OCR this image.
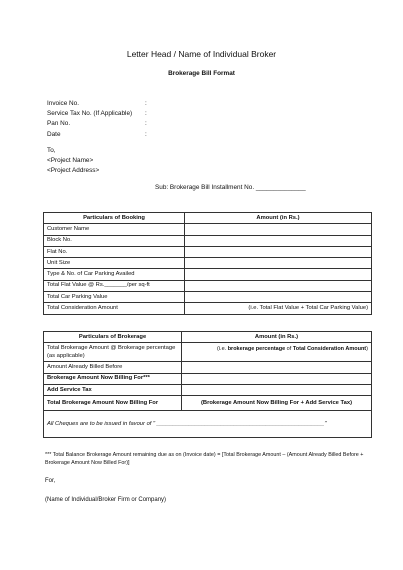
Letter Head / Name of Individual Broker
Brokerage Bill Format
Invoice No.	:
Service Tax No. (If Applicable)	:
Pan No.	:
Date	:
To,
<Project Name>
<Project Address>
Sub: Brokerage Bill Installment No. ______________
Particulars of Booking	Amount (in Rs.)
Customer Name	
Block No.	
Flat No.	
Unit Size	
Type & No. of Car Parking Availed	
Total Flat Value @ Rs._______/per sq-ft	
Total Car Parking Value	
Total Consideration Amount	(i.e. Total Flat Value + Total Car Parking Value)
Particulars of Brokerage	Amount (in Rs.)
Total Brokerage Amount @ Brokerage percentage (as applicable)	(i.e. brokerage percentage of Total Consideration Amount)
Amount Already Billed Before	
Brokerage Amount Now Billing For***	
Add Service Tax	
Total Brokerage Amount Now Billing For	(Brokerage Amount Now Billing For + Add Service Tax)
All Cheques are to be issued in favour of " ____________________________________________________"	
*** Total Balance Brokerage Amount remaining due as on (Invoice date) = [Total Brokerage Amount – (Amount Already Billed Before + Brokerage Amount Now Billed For)]
For,
(Name of Individual/Broker Firm or Company)
